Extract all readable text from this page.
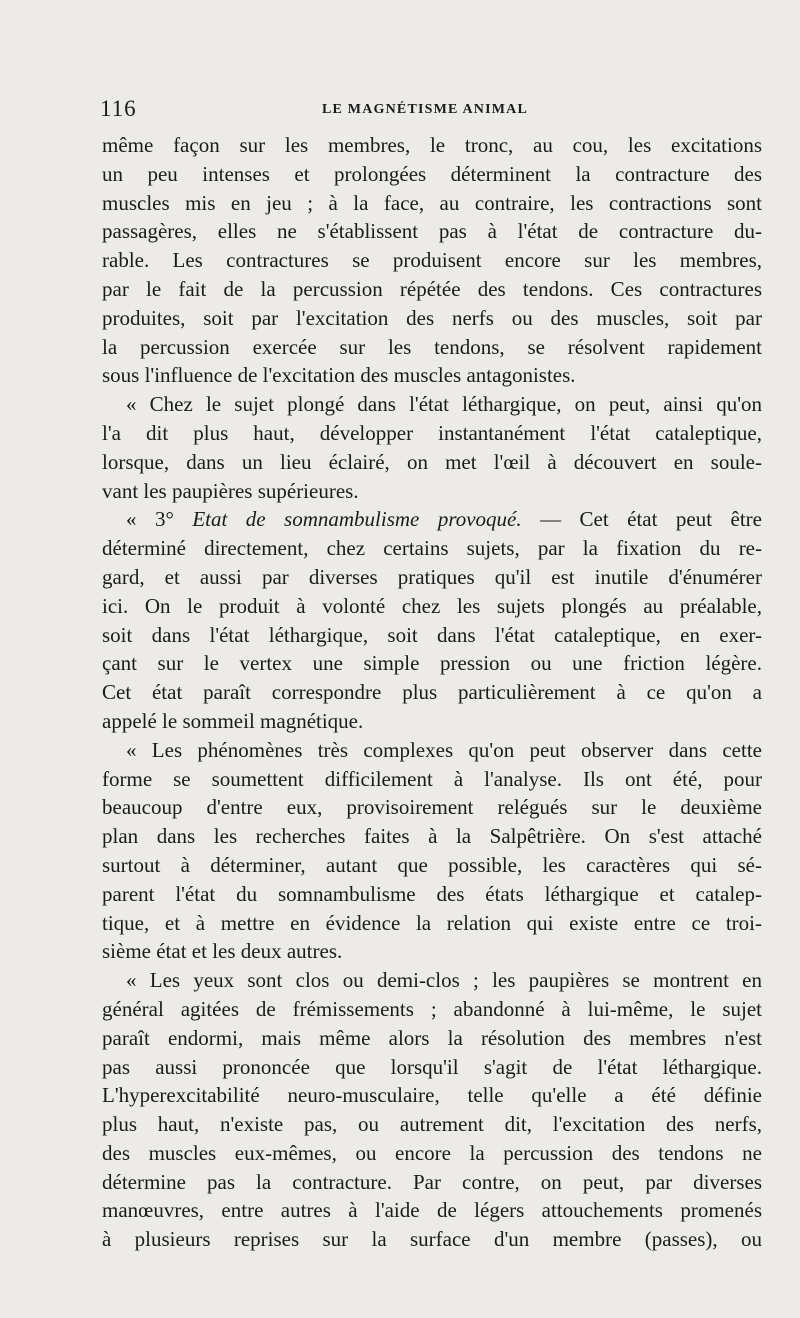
116	LE MAGNÉTISME ANIMAL
même façon sur les membres, le tronc, au cou, les excitations
un peu intenses et prolongées déterminent la contracture des
muscles mis en jeu ; à la face, au contraire, les contractions sont
passagères, elles ne s'établissent pas à l'état de contracture du-
rable. Les contractures se produisent encore sur les membres,
par le fait de la percussion répétée des tendons. Ces contractures
produites, soit par l'excitation des nerfs ou des muscles, soit par
la percussion exercée sur les tendons, se résolvent rapidement
sous l'influence de l'excitation des muscles antagonistes.
« Chez le sujet plongé dans l'état léthargique, on peut, ainsi qu'on
l'a dit plus haut, développer instantanément l'état cataleptique,
lorsque, dans un lieu éclairé, on met l'œil à découvert en soule-
vant les paupières supérieures.
« 3° Etat de somnambulisme provoqué. — Cet état peut être
déterminé directement, chez certains sujets, par la fixation du re-
gard, et aussi par diverses pratiques qu'il est inutile d'énumérer
ici. On le produit à volonté chez les sujets plongés au préalable,
soit dans l'état léthargique, soit dans l'état cataleptique, en exer-
çant sur le vertex une simple pression ou une friction légère.
Cet état paraît correspondre plus particulièrement à ce qu'on a
appelé le sommeil magnétique.
« Les phénomènes très complexes qu'on peut observer dans cette
forme se soumettent difficilement à l'analyse. Ils ont été, pour
beaucoup d'entre eux, provisoirement relégués sur le deuxième
plan dans les recherches faites à la Salpêtrière. On s'est attaché
surtout à déterminer, autant que possible, les caractères qui sé-
parent l'état du somnambulisme des états léthargique et catalep-
tique, et à mettre en évidence la relation qui existe entre ce troi-
sième état et les deux autres.
« Les yeux sont clos ou demi-clos ; les paupières se montrent en
général agitées de frémissements ; abandonné à lui-même, le sujet
paraît endormi, mais même alors la résolution des membres n'est
pas aussi prononcée que lorsqu'il s'agit de l'état léthargique.
L'hyperexcitabilité neuro-musculaire, telle qu'elle a été définie
plus haut, n'existe pas, ou autrement dit, l'excitation des nerfs,
des muscles eux-mêmes, ou encore la percussion des tendons ne
détermine pas la contracture. Par contre, on peut, par diverses
manœuvres, entre autres à l'aide de légers attouchements promenés
à plusieurs reprises sur la surface d'un membre (passes), ou
